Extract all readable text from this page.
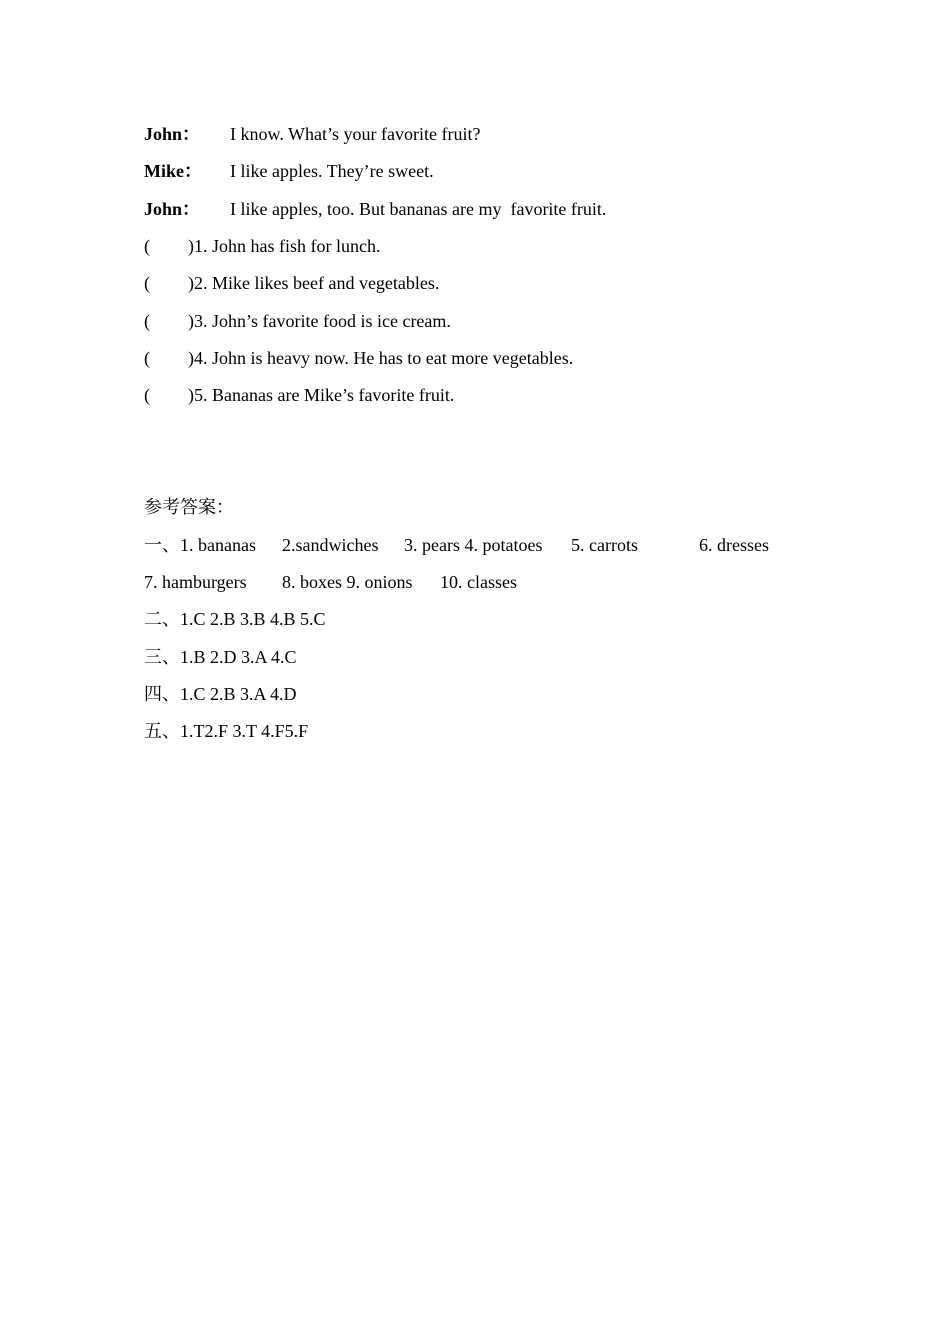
John： I know. What’s your favorite fruit?
Mike： I like apples. They’re sweet.
John： I like apples, too. But bananas are my  favorite fruit.
( )1. John has fish for lunch.
( )2. Mike likes beef and vegetables.
( )3. John’s favorite food is ice cream.
( )4. John is heavy now. He has to eat more vegetables.
( )5. Bananas are Mike’s favorite fruit.
参考答案：
一、1. bananas 2.sandwiches 3. pears 4. potatoes 5. carrots	6. dresses
7. hamburgers 8. boxes 9. onions 10. classes
二、1.C 2.B 3.B 4.B 5.C
三、1.B 2.D 3.A 4.C
四、1.C 2.B 3.A 4.D
五、1.T2.F 3.T 4.F5.F
